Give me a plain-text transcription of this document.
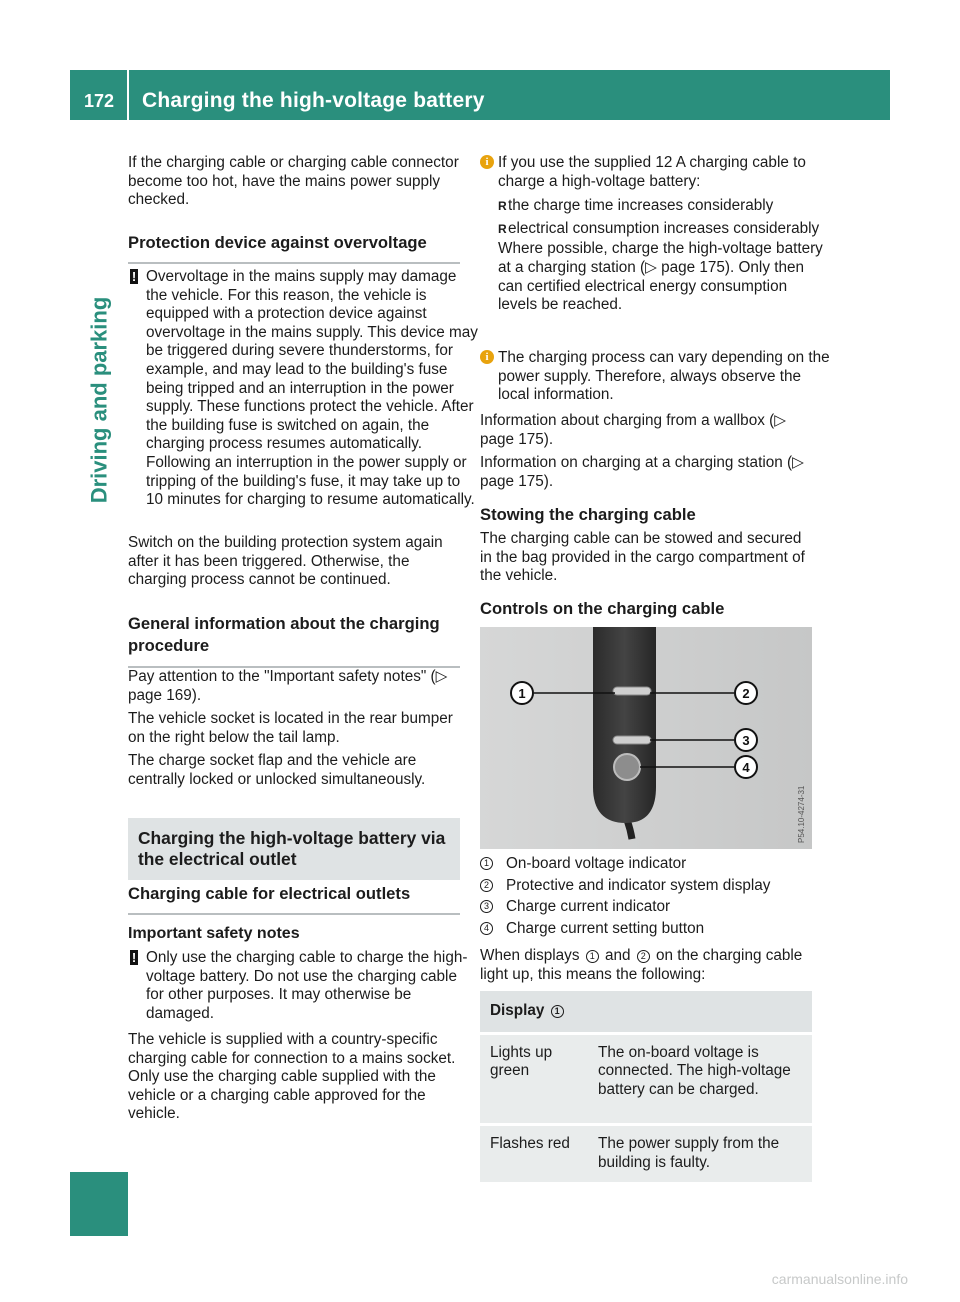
172	Charging the high-voltage battery
Driving and parking

If the charging cable or charging cable connector become too hot, have the mains power supply checked.

Protection device against overvoltage
! Overvoltage in the mains supply may damage the vehicle. For this reason, the vehicle is equipped with a protection device against overvoltage in the mains supply. This device may be triggered during severe thunderstorms, for example, and may lead to the building's fuse being tripped and an interruption in the power supply. These functions protect the vehicle. After the building fuse is switched on again, the charging process resumes automatically. Following an interruption in the power supply or tripping of the building's fuse, it may take up to 10 minutes for charging to resume automatically.

Switch on the building protection system again after it has been triggered. Otherwise, the charging process cannot be continued.

General information about the charging procedure

Pay attention to the "Important safety notes" (▷ page 169).

The vehicle socket is located in the rear bumper on the right below the tail lamp.

The charge socket flap and the vehicle are centrally locked or unlocked simultaneously.

Charging the high-voltage battery via the electrical outlet
Charging cable for electrical outlets
Important safety notes
! Only use the charging cable to charge the high-voltage battery. Do not use the charging cable for other purposes. It may otherwise be damaged.

The vehicle is supplied with a country-specific charging cable for connection to a mains socket. Only use the charging cable supplied with the vehicle or a charging cable approved for the vehicle.

i If you use the supplied 12 A charging cable to charge a high-voltage battery:
R the charge time increases considerably
R electrical consumption increases considerably

Where possible, charge the high-voltage battery at a charging station (▷ page 175). Only then can certified electrical energy consumption levels be reached.

i The charging process can vary depending on the power supply. Therefore, always observe the local information.

Information about charging from a wallbox (▷ page 175).

Information on charging at a charging station (▷ page 175).

Stowing the charging cable

The charging cable can be stowed and secured in the bag provided in the cargo compartment of the vehicle.

Controls on the charging cable
1	2
3
4
P54.10-4274-31
1 On-board voltage indicator
2 Protective and indicator system display
3 Charge current indicator
4 Charge current setting button

When displays 1 and 2 on the charging cable light up, this means the following:

Display 1	
Lights up green	The on-board voltage is connected. The high-voltage battery can be charged.
Flashes red	The power supply from the building is faulty.
carmanualsonline.info
